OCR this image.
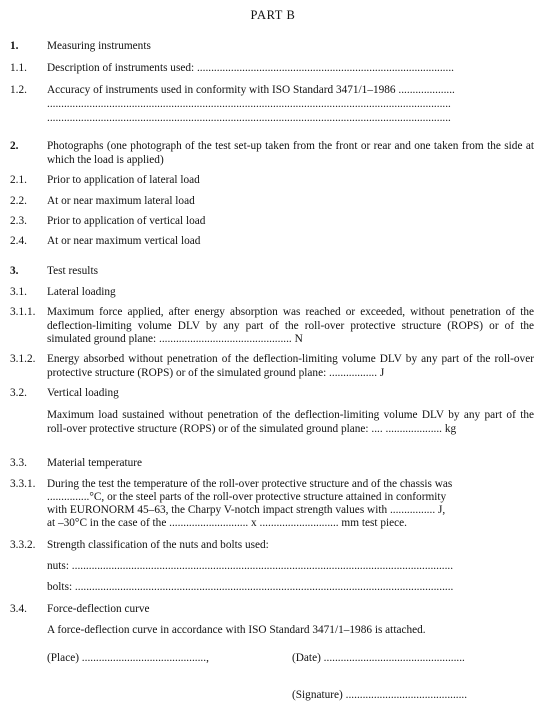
PART B
1.	Measuring instruments
1.1. Description of instruments used: ...........................................................................................
1.2. Accuracy of instruments used in conformity with ISO Standard 3471/1–1986 ....................
...............................................................................................................................................
...............................................................................................................................................
2.	Photographs (one photograph of the test set-up taken from the front or rear and one taken from the side at which the load is applied)
2.1. Prior to application of lateral load
2.2. At or near maximum lateral load
2.3. Prior to application of vertical load
2.4. At or near maximum vertical load
3.	Test results
3.1. Lateral loading
3.1.1. Maximum force applied, after energy absorption was reached or exceeded, without penetration of the deflection-limiting volume DLV by any part of the roll-over protective structure (ROPS) or of the simulated ground plane: ............................................... N
3.1.2. Energy absorbed without penetration of the deflection-limiting volume DLV by any part of the roll-over protective structure (ROPS) or of the simulated ground plane: ................. J
3.2. Vertical loading
Maximum load sustained without penetration of the deflection-limiting volume DLV by any part of the roll-over protective structure (ROPS) or of the simulated ground plane: .... .................... kg
3.3. Material temperature
3.3.1. During the test the temperature of the roll-over protective structure and of the chassis was
...............°C, or the steel parts of the roll-over protective structure attained in conformity
with EURONORM 45–63, the Charpy V-notch impact strength values with ................ J,
at –30°C in the case of the ............................ x ............................ mm test piece.
3.3.2. Strength classification of the nuts and bolts used:
nuts: .......................................................................................................................................
bolts: ......................................................................................................................................
3.4. Force-deflection curve
A force-deflection curve in accordance with ISO Standard 3471/1–1986 is attached.
(Place) ............................................,	(Date) ..................................................
(Signature) ...........................................
